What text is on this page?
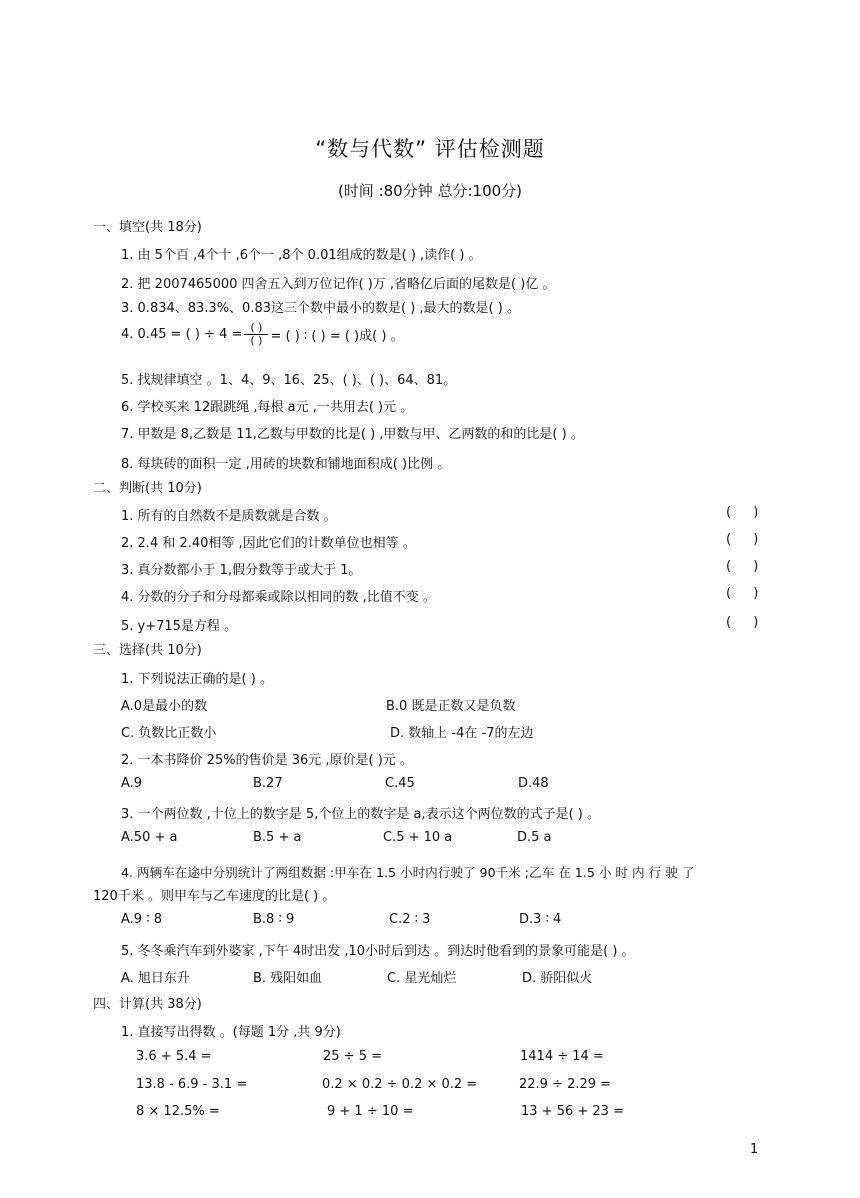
“数与代数” 评估检测题
(时间 :80分钟 总分:100分)
一、填空(共 18分)
1. 由 5个百 ,4个十 ,6个一 ,8个 0.01组成的数是( ) ,读作( ) 。
2. 把 2007465000 四舍五入到万位记作( )万 ,省略亿后面的尾数是( )亿 。
3. 0.834、83.3%、0.83这三个数中最小的数是( ) ,最大的数是( ) 。
4. 0.45 = ( ) ÷ $4 = \frac{( )}{( )}$ = ( ) ∶ ( ) = ( )成( ) 。
5. 找规律填空 。1、4、9、16、25、( )、( )、64、81。
6. 学校买来 12跟跳绳 ,每根 a元 ,一共用去( )元 。
7. 甲数是 8,乙数是 11,乙数与甲数的比是( ) ,甲数与甲、乙两数的和的比是( ) 。
8. 每块砖的面积一定 ,用砖的块数和铺地面积成( )比例 。
二、判断(共 10分)
1. 所有的自然数不是质数就是合数 。	( )
2. 2.4 和 2.40相等 ,因此它们的计数单位也相等 。	( )
3. 真分数都小于 1,假分数等于或大于 1。	( )
4. 分数的分子和分母都乘或除以相同的数 ,比值不变 。	( )
5. y+715是方程 。	( )
三、选择(共 10分)
1. 下列说法正确的是( ) 。
A.0是最小的数	B.0 既是正数又是负数
C. 负数比正数小	D. 数轴上 -4在 -7的左边
2. 一本书降价 25%的售价是 36元 ,原价是( )元 。
A.9	B.27	C.45	D.48
3. 一个两位数 ,十位上的数字是 5,个位上的数字是 a,表示这个两位数的式子是( ) 。
A.50 + a	B.5 + a	C.5 + 10 a	D.5 a
4. 两辆车在途中分别统计了两组数据 :甲车在 1.5 小时内行驶了 90千米 ;乙车 在 1.5 小 时 内 行 驶 了
120千米 。则甲车与乙车速度的比是( ) 。
A.9 ∶ 8	B.8 ∶ 9	C.2 ∶ 3	D.3 ∶ 4
5. 冬冬乘汽车到外婆家 ,下午 4时出发 ,10小时后到达 。到达时他看到的景象可能是( ) 。
A. 旭日东升	B. 残阳如血	C. 星光灿烂	D. 骄阳似火
四、计算(共 38分)
1. 直接写出得数 。(每题 1分 ,共 9分)
3.6 + 5.4 =	25 ÷ 5 =	1414 ÷ 14 =
13.8 - 6.9 - 3.1 =	0.2 × 0.2 ÷ 0.2 × 0.2 =	22.9 ÷ 2.29 =
8 × 12.5% =	9 + 1 ÷ 10 =	13 + 56 + 23 =
1
